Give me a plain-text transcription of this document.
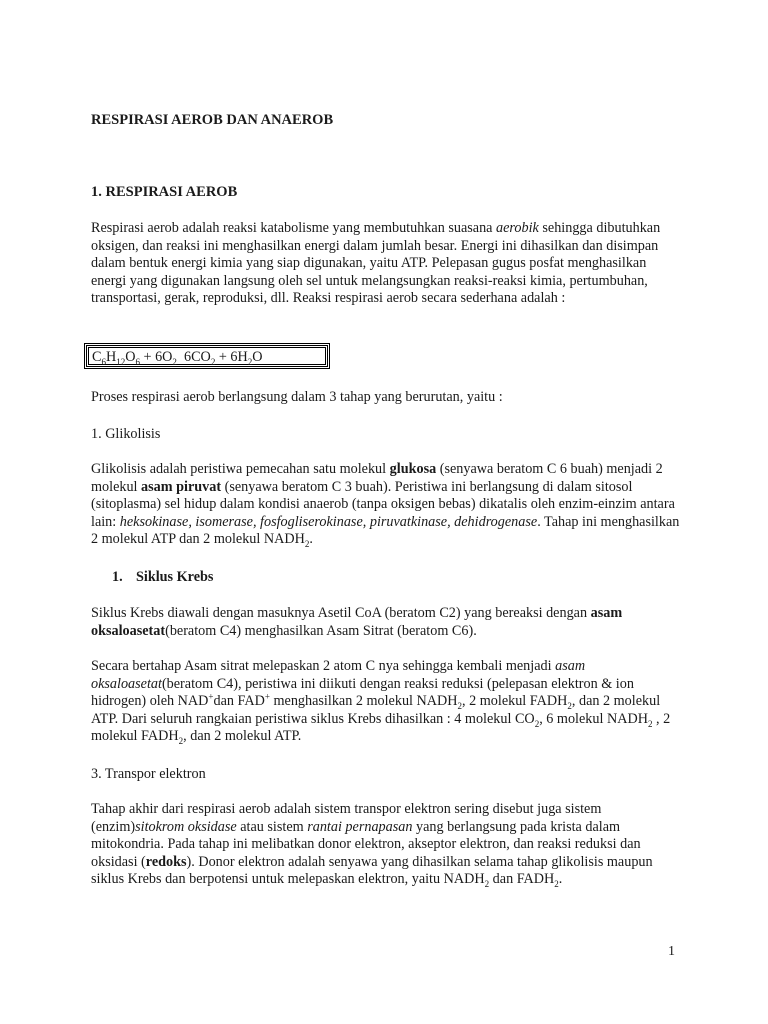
RESPIRASI AEROB DAN ANAEROB
1. RESPIRASI AEROB
Respirasi aerob adalah reaksi katabolisme yang membutuhkan suasana aerobik sehingga dibutuhkan oksigen, dan reaksi ini menghasilkan energi dalam jumlah besar. Energi ini dihasilkan dan disimpan dalam bentuk energi kimia yang siap digunakan, yaitu ATP. Pelepasan gugus posfat menghasilkan energi yang digunakan langsung oleh sel untuk melangsungkan reaksi-reaksi kimia, pertumbuhan, transportasi, gerak, reproduksi, dll. Reaksi respirasi aerob secara sederhana adalah :
$C_6H_{12}O_6 + 6O_2$  $6CO_2 + 6H_2O$
Proses respirasi aerob berlangsung dalam 3 tahap yang berurutan, yaitu :
1. Glikolisis
Glikolisis adalah peristiwa pemecahan satu molekul glukosa (senyawa beratom C 6 buah) menjadi 2 molekul asam piruvat (senyawa beratom C 3 buah). Peristiwa ini berlangsung di dalam sitosol (sitoplasma) sel hidup dalam kondisi anaerob (tanpa oksigen bebas) dikatalis oleh enzim-einzim antara lain: heksokinase, isomerase, fosfogliserokinase, piruvatkinase, dehidrogenase. Tahap ini menghasilkan 2 molekul ATP dan 2 molekul $NADH_2$.
1. Siklus Krebs
Siklus Krebs diawali dengan masuknya Asetil CoA (beratom C2) yang bereaksi dengan asam oksaloasetat(beratom C4) menghasilkan Asam Sitrat (beratom C6).
Secara bertahap Asam sitrat melepaskan 2 atom C nya sehingga kembali menjadi asam oksaloasetat(beratom C4), peristiwa ini diikuti dengan reaksi reduksi (pelepasan elektron & ion hidrogen) oleh NAD+dan FAD+ menghasilkan 2 molekul $NADH_2$, 2 molekul $FADH_2$, dan 2 molekul ATP. Dari seluruh rangkaian peristiwa siklus Krebs dihasilkan : 4 molekul $CO_2$, 6 molekul $NADH_2$ , 2 molekul $FADH_2$, dan 2 molekul ATP.
3. Transpor elektron
Tahap akhir dari respirasi aerob adalah sistem transpor elektron sering disebut juga sistem (enzim)sitokrom oksidase atau sistem rantai pernapasan yang berlangsung pada krista dalam mitokondria. Pada tahap ini melibatkan donor elektron, akseptor elektron, dan reaksi reduksi dan oksidasi (redoks). Donor elektron adalah senyawa yang dihasilkan selama tahap glikolisis maupun siklus Krebs dan berpotensi untuk melepaskan elektron, yaitu $NADH_2$ dan $FADH_2$.
1
